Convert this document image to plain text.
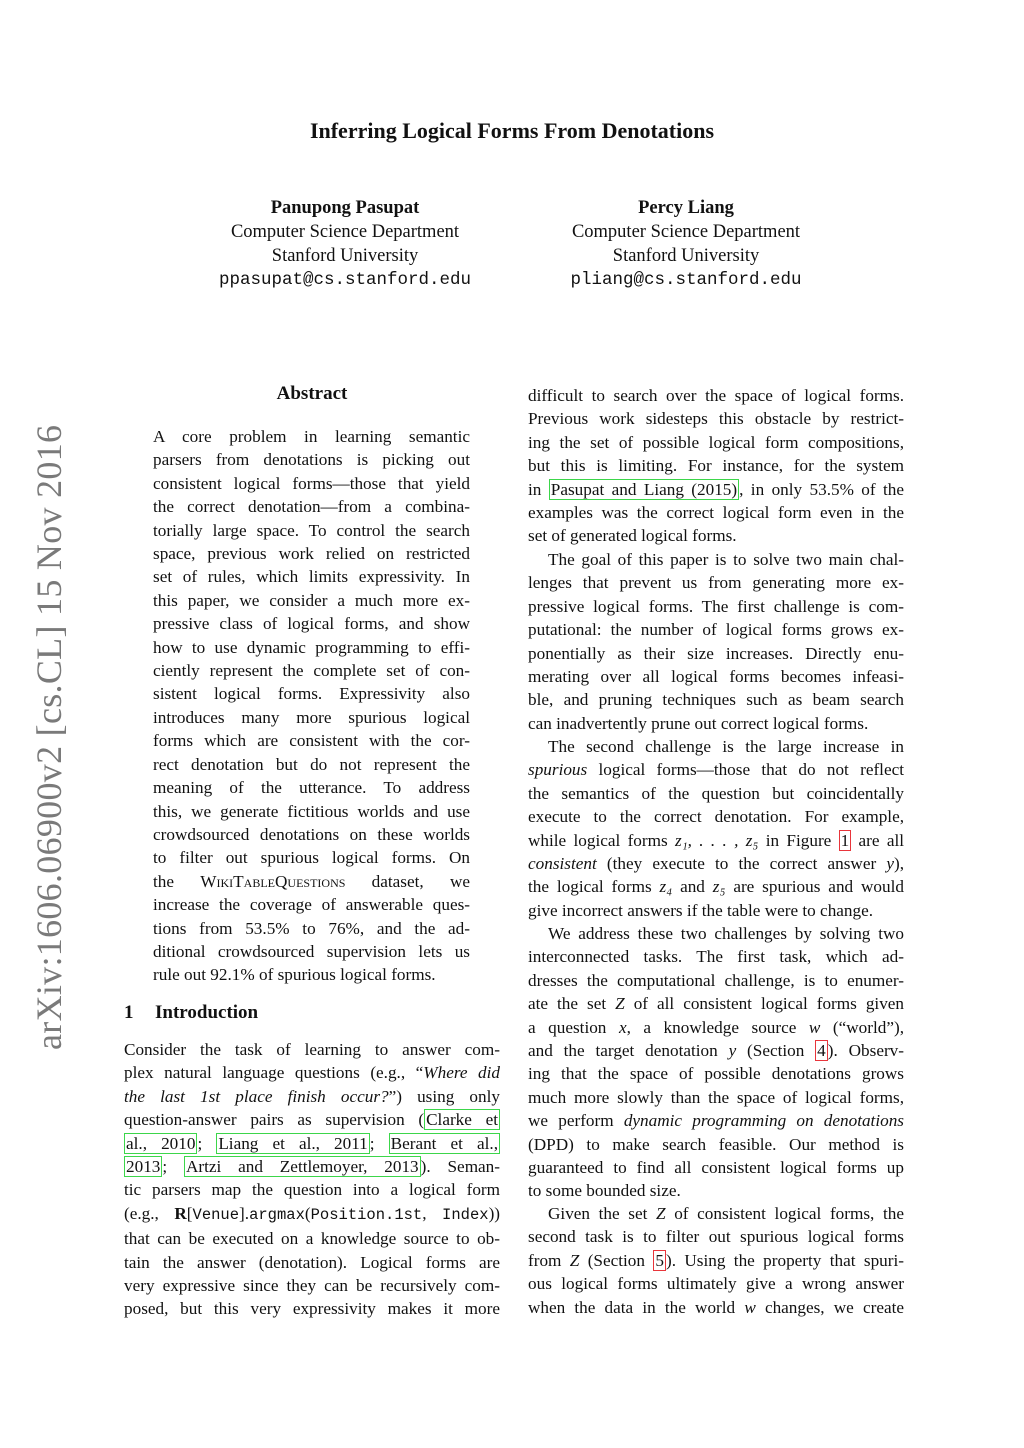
Inferring Logical Forms From Denotations
Panupong Pasupat
Computer Science Department
Stanford University
ppasupat@cs.stanford.edu
Percy Liang
Computer Science Department
Stanford University
pliang@cs.stanford.edu
arXiv:1606.06900v2 [cs.CL] 15 Nov 2016
Abstract
A core problem in learning semantic
parsers from denotations is picking out
consistent logical forms—those that yield
the correct denotation—from a combina-
torially large space. To control the search
space, previous work relied on restricted
set of rules, which limits expressivity. In
this paper, we consider a much more ex-
pressive class of logical forms, and show
how to use dynamic programming to effi-
ciently represent the complete set of con-
sistent logical forms. Expressivity also
introduces many more spurious logical
forms which are consistent with the cor-
rect denotation but do not represent the
meaning of the utterance. To address
this, we generate fictitious worlds and use
crowdsourced denotations on these worlds
to filter out spurious logical forms. On
the WikiTableQuestions dataset, we
increase the coverage of answerable ques-
tions from 53.5% to 76%, and the ad-
ditional crowdsourced supervision lets us
rule out 92.1% of spurious logical forms.
1 Introduction
Consider the task of learning to answer com-
plex natural language questions (e.g., “Where did
the last 1st place finish occur?”) using only
question-answer pairs as supervision ( Clarke et
al., 2010 ; Liang et al., 2011 ; Berant et al.,
2013 ; Artzi and Zettlemoyer, 2013 ). Seman-
tic parsers map the question into a logical form
(e.g., R[Venue].argmax(Position.1st, Index))
that can be executed on a knowledge source to ob-
tain the answer (denotation). Logical forms are
very expressive since they can be recursively com-
posed, but this very expressivity makes it more
difficult to search over the space of logical forms.
Previous work sidesteps this obstacle by restrict-
ing the set of possible logical form compositions,
but this is limiting. For instance, for the system
in Pasupat and Liang (2015) , in only 53.5% of the
examples was the correct logical form even in the
set of generated logical forms.
The goal of this paper is to solve two main chal-
lenges that prevent us from generating more ex-
pressive logical forms. The first challenge is com-
putational: the number of logical forms grows ex-
ponentially as their size increases. Directly enu-
merating over all logical forms becomes infeasi-
ble, and pruning techniques such as beam search
can inadvertently prune out correct logical forms.
The second challenge is the large increase in
spurious logical forms—those that do not reflect
the semantics of the question but coincidentally
execute to the correct denotation. For example,
while logical forms z₁, . . . , z₅ in Figure 1 are all
consistent (they execute to the correct answer y),
the logical forms z₄ and z₅ are spurious and would
give incorrect answers if the table were to change.
We address these two challenges by solving two
interconnected tasks. The first task, which ad-
dresses the computational challenge, is to enumer-
ate the set Z of all consistent logical forms given
a question x, a knowledge source w (“world”),
and the target denotation y (Section 4 ). Observ-
ing that the space of possible denotations grows
much more slowly than the space of logical forms,
we perform dynamic programming on denotations
(DPD) to make search feasible. Our method is
guaranteed to find all consistent logical forms up
to some bounded size.
Given the set Z of consistent logical forms, the
second task is to filter out spurious logical forms
from Z (Section 5 ). Using the property that spuri-
ous logical forms ultimately give a wrong answer
when the data in the world w changes, we create
